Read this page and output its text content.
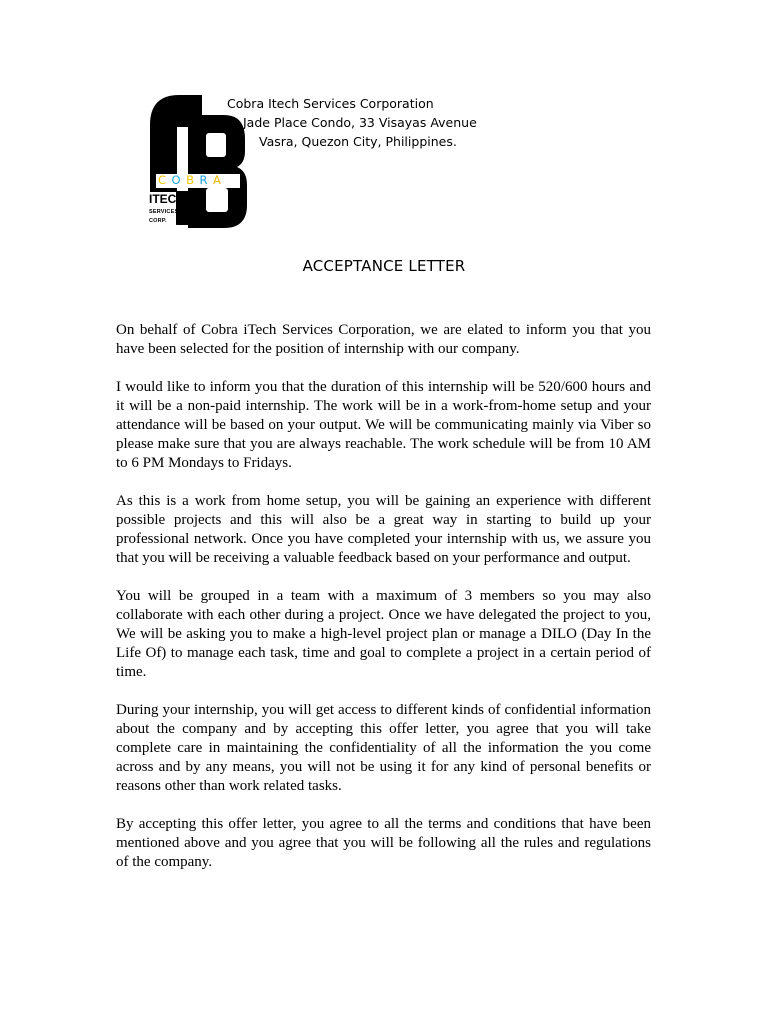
COBRA
ITECH
SERVICES
CORP.
Cobra Itech Services Corporation
Jade Place Condo, 33 Visayas Avenue
Vasra, Quezon City, Philippines.
ACCEPTANCE LETTER

On behalf of Cobra iTech Services Corporation, we are elated to inform you that you have been selected for the position of internship with our company.

I would like to inform you that the duration of this internship will be 520/600 hours and it will be a non-paid internship. The work will be in a work-from-home setup and your attendance will be based on your output. We will be communicating mainly via Viber so please make sure that you are always reachable. The work schedule will be from 10 AM to 6 PM Mondays to Fridays.

As this is a work from home setup, you will be gaining an experience with different possible projects and this will also be a great way in starting to build up your professional network. Once you have completed your internship with us, we assure you that you will be receiving a valuable feedback based on your performance and output.

You will be grouped in a team with a maximum of 3 members so you may also collaborate with each other during a project. Once we have delegated the project to you, We will be asking you to make a high-level project plan or manage a DILO (Day In the Life Of) to manage each task, time and goal to complete a project in a certain period of time.

During your internship, you will get access to different kinds of confidential information about the company and by accepting this offer letter, you agree that you will take complete care in maintaining the confidentiality of all the information the you come across and by any means, you will not be using it for any kind of personal benefits or reasons other than work related tasks.

By accepting this offer letter, you agree to all the terms and conditions that have been mentioned above and you agree that you will be following all the rules and regulations of the company.
